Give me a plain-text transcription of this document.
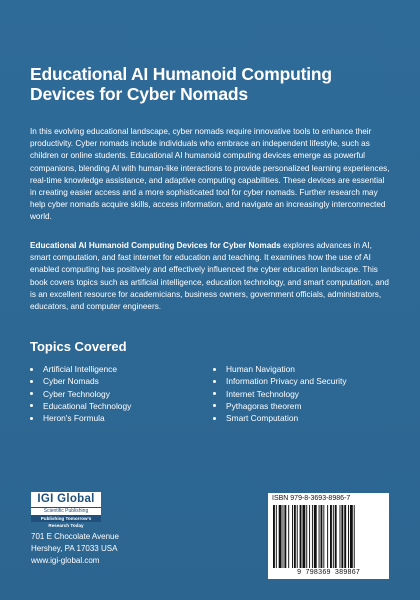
Educational AI Humanoid Computing Devices for Cyber Nomads

In this evolving educational landscape, cyber nomads require innovative tools to enhance their productivity. Cyber nomads include individuals who embrace an independent lifestyle, such as children or online students. Educational AI humanoid computing devices emerge as powerful companions, blending AI with human-like interactions to provide personalized learning experiences, real-time knowledge assistance, and adaptive computing capabilities. These devices are essential in creating easier access and a more sophisticated tool for cyber nomads. Further research may help cyber nomads acquire skills, access information, and navigate an increasingly interconnected world.

Educational AI Humanoid Computing Devices for Cyber Nomads explores advances in AI, smart computation, and fast internet for education and teaching. It examines how the use of AI enabled computing has positively and effectively influenced the cyber education landscape. This book covers topics such as artificial intelligence, education technology, and smart computation, and is an excellent resource for academicians, business owners, government officials, administrators, educators, and computer engineers.

Topics Covered
Artificial Intelligence
Cyber Nomads
Cyber Technology
Educational Technology
Heron's Formula
Human Navigation
Information Privacy and Security
Internet Technology
Pythagoras theorem
Smart Computation
IGI Global
Scientific Publishing
Publishing Tomorrow's Research Today
701 E Chocolate Avenue
Hershey, PA 17033 USA
www.igi-global.com
ISBN 979-8-3693-8986-7
9 798369 389867
